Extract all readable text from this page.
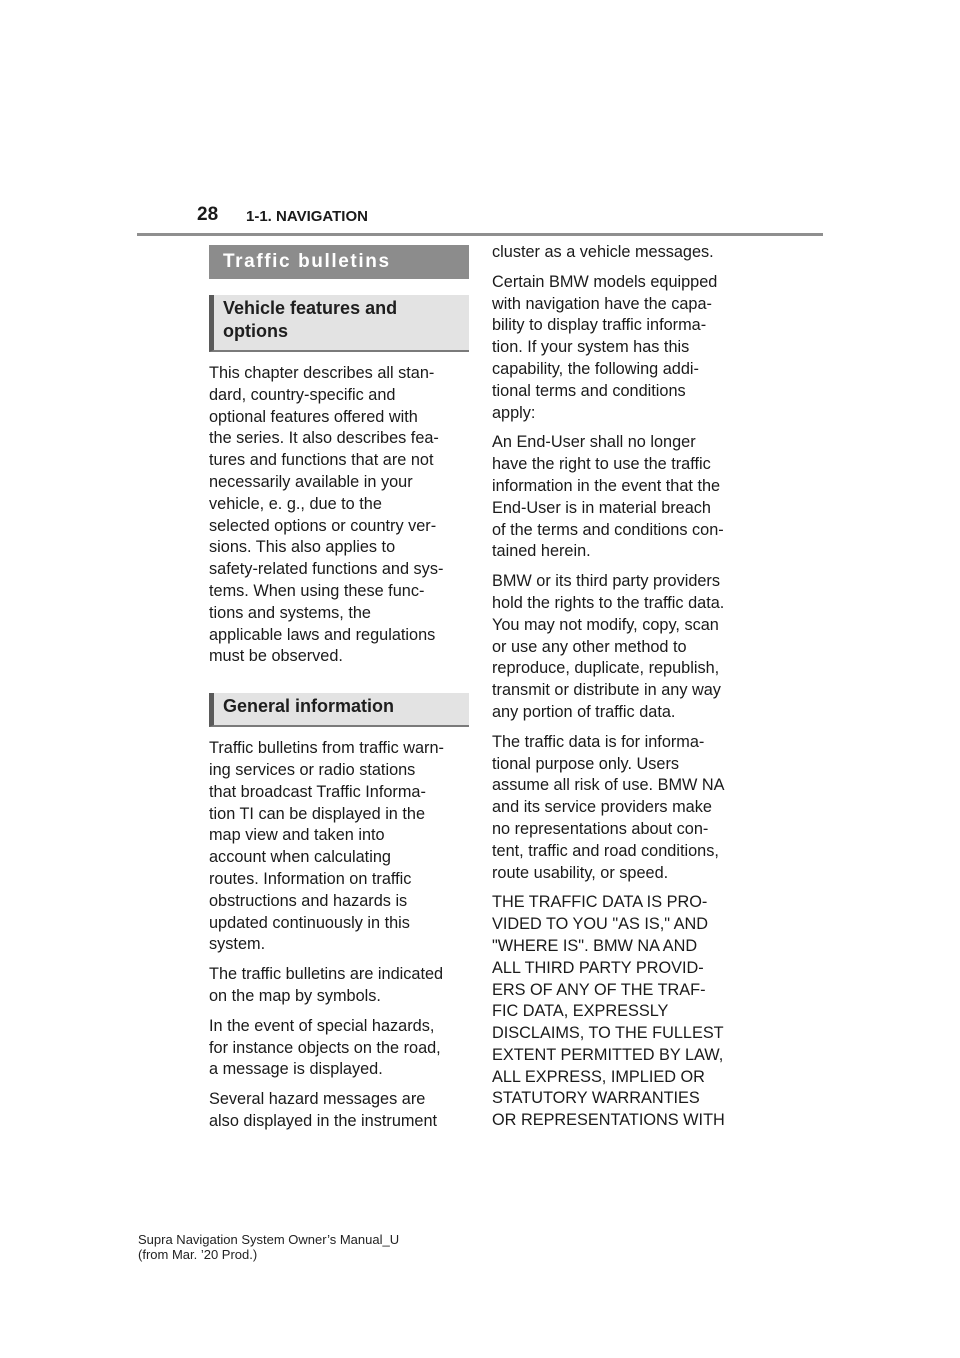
28 1-1. NAVIGATION
Traffic bulletins
Vehicle features and
options

This chapter describes all stan-
dard, country-specific and
optional features offered with
the series. It also describes fea-
tures and functions that are not
necessarily available in your
vehicle, e. g., due to the
selected options or country ver-
sions. This also applies to
safety-related functions and sys-
tems. When using these func-
tions and systems, the
applicable laws and regulations
must be observed.

General information

Traffic bulletins from traffic warn-
ing services or radio stations
that broadcast Traffic Informa-
tion TI can be displayed in the
map view and taken into
account when calculating
routes. Information on traffic
obstructions and hazards is
updated continuously in this
system.

The traffic bulletins are indicated
on the map by symbols.

In the event of special hazards,
for instance objects on the road,
a message is displayed.

Several hazard messages are
also displayed in the instrument

cluster as a vehicle messages.

Certain BMW models equipped
with navigation have the capa-
bility to display traffic informa-
tion. If your system has this
capability, the following addi-
tional terms and conditions
apply:

An End-User shall no longer
have the right to use the traffic
information in the event that the
End-User is in material breach
of the terms and conditions con-
tained herein.

BMW or its third party providers
hold the rights to the traffic data.
You may not modify, copy, scan
or use any other method to
reproduce, duplicate, republish,
transmit or distribute in any way
any portion of traffic data.

The traffic data is for informa-
tional purpose only. Users
assume all risk of use. BMW NA
and its service providers make
no representations about con-
tent, traffic and road conditions,
route usability, or speed.

THE TRAFFIC DATA IS PRO-
VIDED TO YOU "AS IS," AND
"WHERE IS". BMW NA AND
ALL THIRD PARTY PROVID-
ERS OF ANY OF THE TRAF-
FIC DATA, EXPRESSLY
DISCLAIMS, TO THE FULLEST
EXTENT PERMITTED BY LAW,
ALL EXPRESS, IMPLIED OR
STATUTORY WARRANTIES
OR REPRESENTATIONS WITH

Supra Navigation System Owner’s Manual_U
(from Mar. ’20 Prod.)
